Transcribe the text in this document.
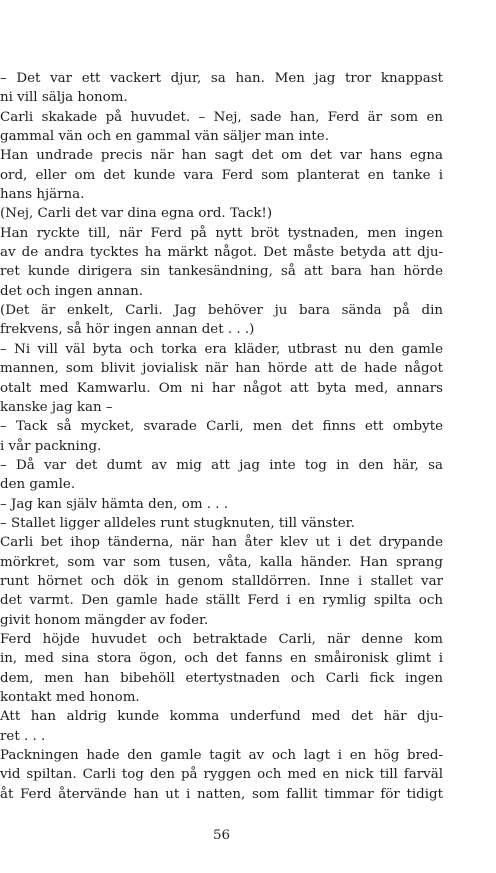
– Det var ett vackert djur, sa han. Men jag tror knappast
ni vill sälja honom.
Carli skakade på huvudet. – Nej, sade han, Ferd är som en
gammal vän och en gammal vän säljer man inte.
Han undrade precis när han sagt det om det var hans egna
ord, eller om det kunde vara Ferd som planterat en tanke i
hans hjärna.
(Nej, Carli det var dina egna ord. Tack!)
Han ryckte till, när Ferd på nytt bröt tystnaden, men ingen
av de andra tycktes ha märkt något. Det måste betyda att dju-
ret kunde dirigera sin tankesändning, så att bara han hörde
det och ingen annan.
(Det är enkelt, Carli. Jag behöver ju bara sända på din
frekvens, så hör ingen annan det . . .)
– Ni vill väl byta och torka era kläder, utbrast nu den gamle
mannen, som blivit jovialisk när han hörde att de hade något
otalt med Kamwarlu. Om ni har något att byta med, annars
kanske jag kan –
– Tack så mycket, svarade Carli, men det finns ett ombyte
i vår packning.
– Då var det dumt av mig att jag inte tog in den här, sa
den gamle.
– Jag kan själv hämta den, om . . .
– Stallet ligger alldeles runt stugknuten, till vänster.
Carli bet ihop tänderna, när han åter klev ut i det drypande
mörkret, som var som tusen, våta, kalla händer. Han sprang
runt hörnet och dök in genom stalldörren. Inne i stallet var
det varmt. Den gamle hade ställt Ferd i en rymlig spilta och
givit honom mängder av foder.
Ferd höjde huvudet och betraktade Carli, när denne kom
in, med sina stora ögon, och det fanns en småironisk glimt i
dem, men han bibehöll etertystnaden och Carli fick ingen
kontakt med honom.
Att han aldrig kunde komma underfund med det här dju-
ret . . .
Packningen hade den gamle tagit av och lagt i en hög bred-
vid spiltan. Carli tog den på ryggen och med en nick till farväl
åt Ferd återvände han ut i natten, som fallit timmar för tidigt
56
